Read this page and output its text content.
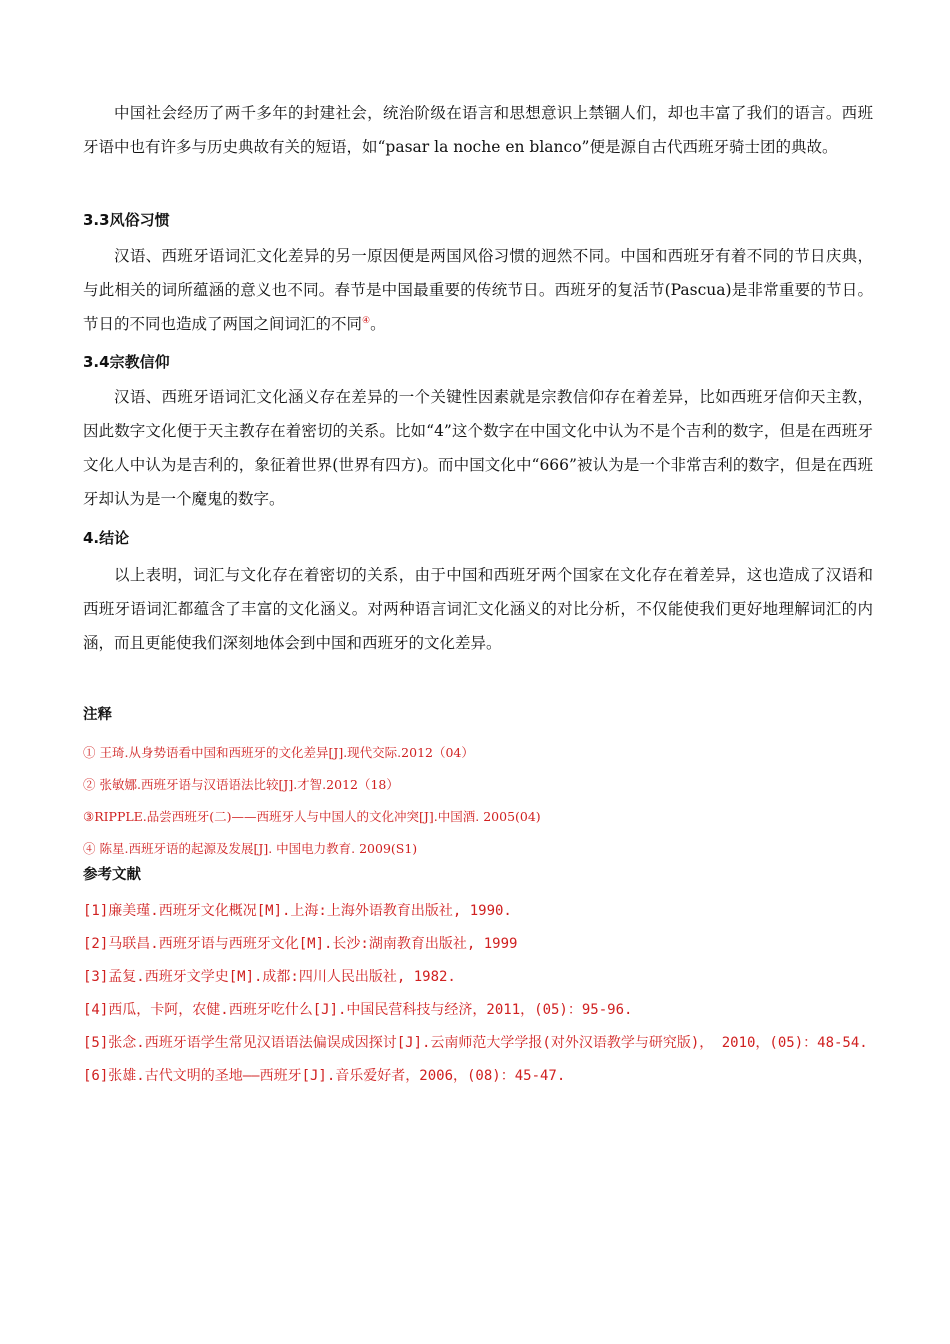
中国社会经历了两千多年的封建社会，统治阶级在语言和思想意识上禁锢人们，却也丰富了我们的语言。西班牙语中也有许多与历史典故有关的短语，如“pasar la noche en blanco”便是源自古代西班牙骑士团的典故。

3.3风俗习惯

汉语、西班牙语词汇文化差异的另一原因便是两国风俗习惯的迥然不同。中国和西班牙有着不同的节日庆典，与此相关的词所蕴涵的意义也不同。春节是中国最重要的传统节日。西班牙的复活节(Pascua)是非常重要的节日。节日的不同也造成了两国之间词汇的不同④。

3.4宗教信仰

汉语、西班牙语词汇文化涵义存在差异的一个关键性因素就是宗教信仰存在着差异，比如西班牙信仰天主教，因此数字文化便于天主教存在着密切的关系。比如“4”这个数字在中国文化中认为不是个吉利的数字，但是在西班牙文化人中认为是吉利的，象征着世界(世界有四方)。而中国文化中“666”被认为是一个非常吉利的数字，但是在西班牙却认为是一个魔鬼的数字。

4.结论

以上表明，词汇与文化存在着密切的关系，由于中国和西班牙两个国家在文化存在着差异，这也造成了汉语和西班牙语词汇都蕴含了丰富的文化涵义。对两种语言词汇文化涵义的对比分析，不仅能使我们更好地理解词汇的内涵，而且更能使我们深刻地体会到中国和西班牙的文化差异。

注释
① 王琦.从身势语看中国和西班牙的文化差异[J].现代交际.2012（04）
② 张敏娜.西班牙语与汉语语法比较[J].才智.2012（18）
③RIPPLE.品尝西班牙(二)——西班牙人与中国人的文化冲突[J].中国酒. 2005(04)
④ 陈星.西班牙语的起源及发展[J]. 中国电力教育. 2009(S1)
参考文献
[1]廉美瑾.西班牙文化概况[M].上海:上海外语教育出版社, 1990.
[2]马联昌.西班牙语与西班牙文化[M].长沙:湖南教育出版社, 1999
[3]孟复.西班牙文学史[M].成都:四川人民出版社, 1982.
[4]西瓜，卡阿，农健.西班牙吃什么[J].中国民营科技与经济，2011，(05)：95-96.
[5]张念.西班牙语学生常见汉语语法偏误成因探讨[J].云南师范大学学报(对外汉语教学与研究版)， 2010，(05)：48-54.
[6]张雄.古代文明的圣地——西班牙[J].音乐爱好者，2006，(08)：45-47.
